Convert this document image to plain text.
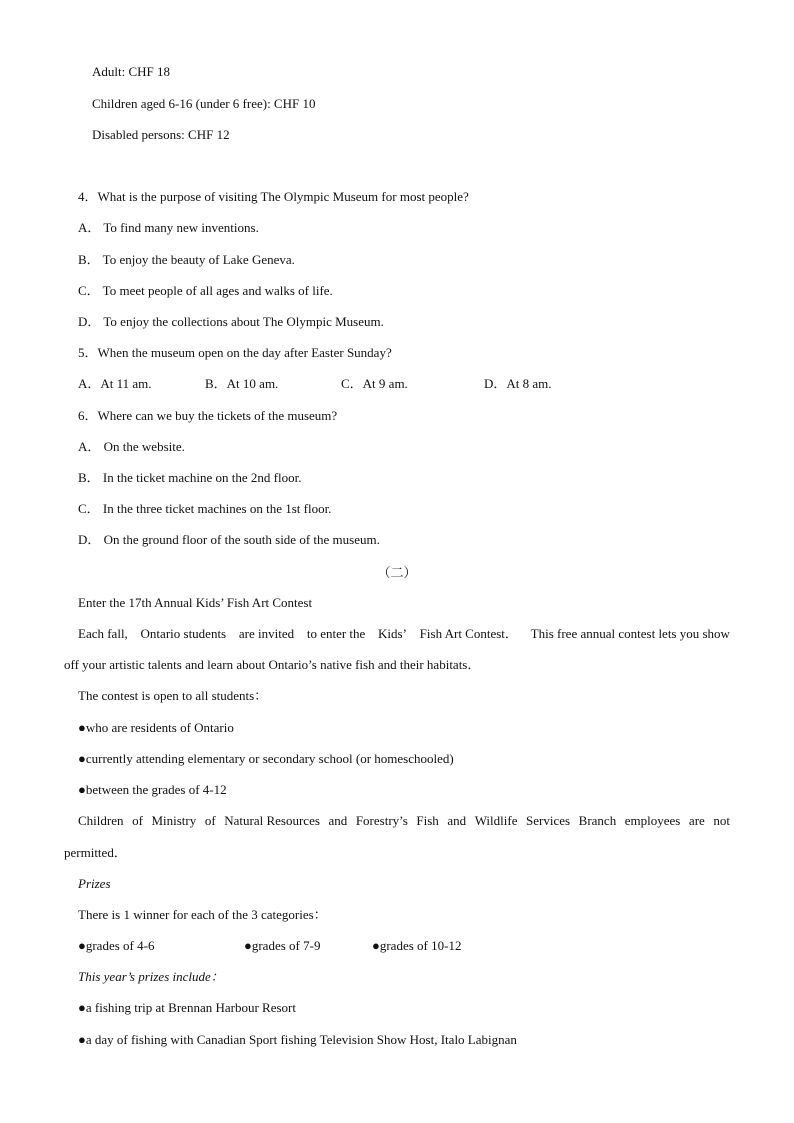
Adult: CHF 18
Children aged 6-16 (under 6 free): CHF 10
Disabled persons: CHF 12
4．What is the purpose of visiting The Olympic Museum for most people?
A． To find many new inventions.
B． To enjoy the beauty of Lake Geneva.
C． To meet people of all ages and walks of life.
D． To enjoy the collections about The Olympic Museum.
5．When the museum open on the day after Easter Sunday?
A．At 11 am.	B．At 10 am.	C．At 9 am.	D．At 8 am.
6．Where can we buy the tickets of the museum?
A． On the website.
B． In the ticket machine on the 2nd floor.
C． In the three ticket machines on the 1st floor.
D． On the ground floor of the south side of the museum.
（二）
Enter the 17th Annual Kids’ Fish Art Contest
Each fall, Ontario students are invited to enter the Kids’ Fish Art Contest． This free annual contest lets you show
off your artistic talents and learn about Ontario’s native fish and their habitats．
The contest is open to all students：
●who are residents of Ontario
●currently attending elementary or secondary school (or homeschooled)
●between the grades of 4-12
Children of Ministry of Natural Resources and Forestry’s Fish and Wildlife Services Branch employees are not
permitted．
Prizes
There is 1 winner for each of the 3 categories：
●grades of 4-6	●grades of 7-9	●grades of 10-12
This year’s prizes include：
●a fishing trip at Brennan Harbour Resort
●a day of fishing with Canadian Sport fishing Television Show Host, Italo Labignan
